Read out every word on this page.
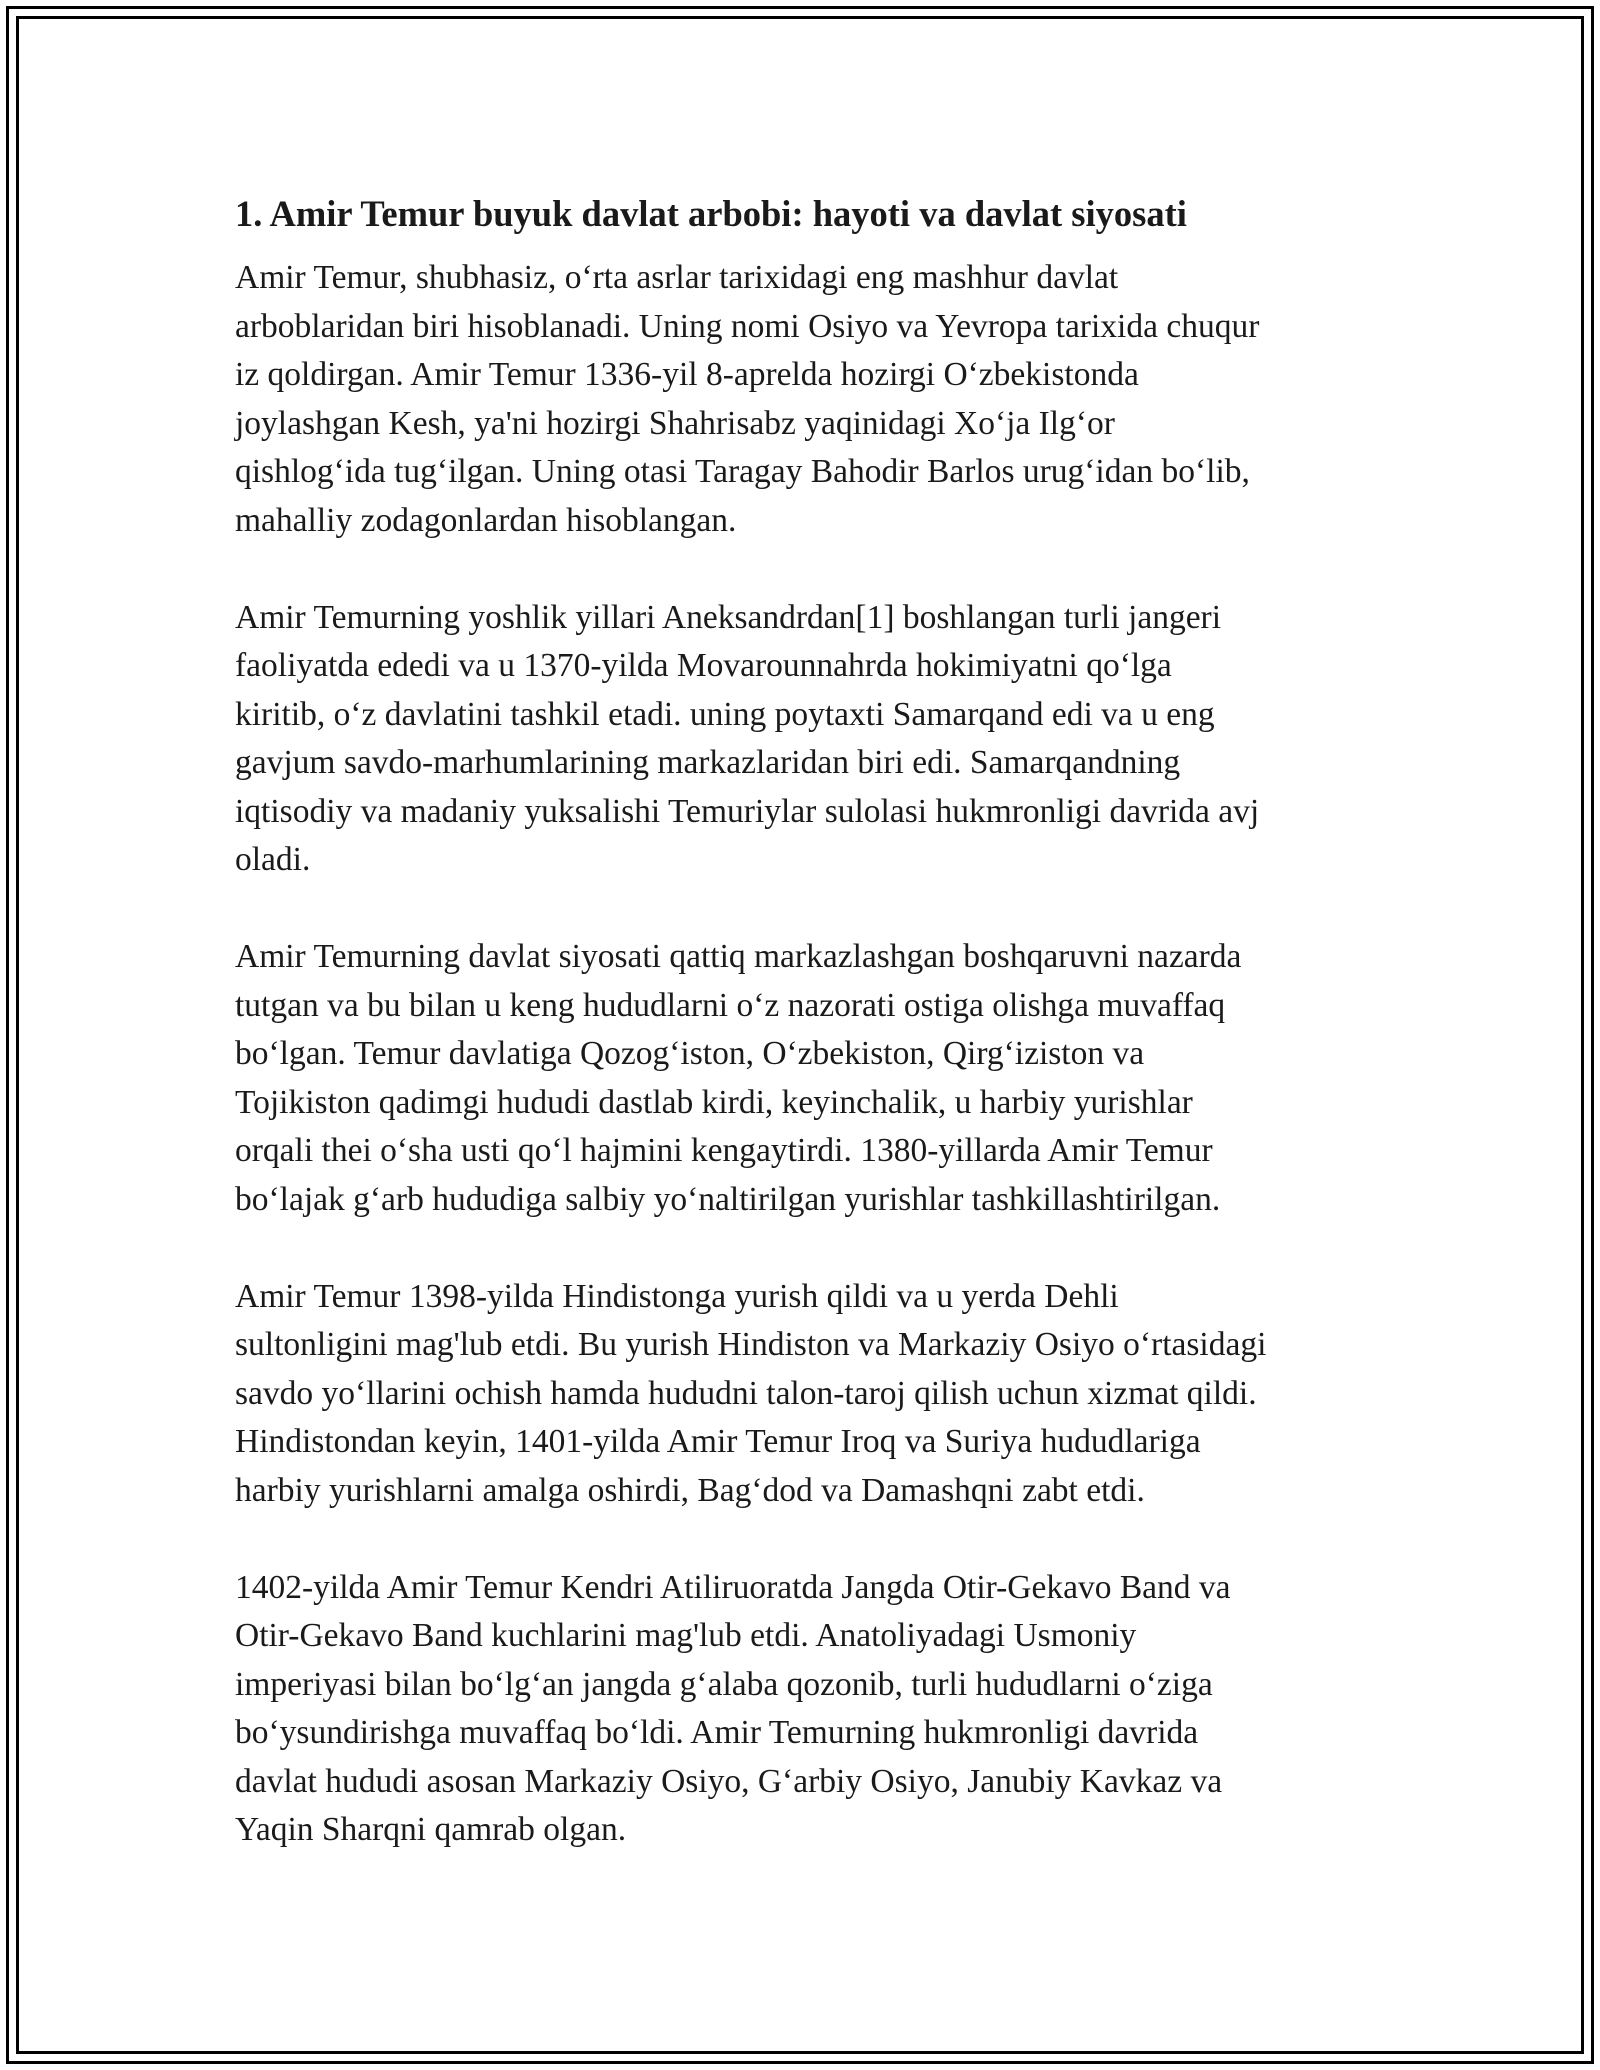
1. Amir Temur buyuk davlat arbobi: hayoti va davlat siyosati

Amir Temur, shubhasiz, oʻrta asrlar tarixidagi eng mashhur davlat
arboblaridan biri hisoblanadi. Uning nomi Osiyo va Yevropa tarixida chuqur
iz qoldirgan. Amir Temur 1336-yil 8-aprelda hozirgi Oʻzbekistonda
joylashgan Kesh, ya'ni hozirgi Shahrisabz yaqinidagi Xoʻja Ilgʻor
qishlogʻida tugʻilgan. Uning otasi Taragay Bahodir Barlos urugʻidan boʻlib,
mahalliy zodagonlardan hisoblangan.

Amir Temurning yoshlik yillari Aneksandrdan[1] boshlangan turli jangeri
faoliyatda ededi va u 1370-yilda Movarounnahrda hokimiyatni qoʻlga
kiritib, oʻz davlatini tashkil etadi. uning poytaxti Samarqand edi va u eng
gavjum savdo-marhumlarining markazlaridan biri edi. Samarqandning
iqtisodiy va madaniy yuksalishi Temuriylar sulolasi hukmronligi davrida avj
oladi.

Amir Temurning davlat siyosati qattiq markazlashgan boshqaruvni nazarda
tutgan va bu bilan u keng hududlarni oʻz nazorati ostiga olishga muvaffaq
boʻlgan. Temur davlatiga Qozogʻiston, Oʻzbekiston, Qirgʻiziston va
Tojikiston qadimgi hududi dastlab kirdi, keyinchalik, u harbiy yurishlar
orqali thei oʻsha usti qoʻl hajmini kengaytirdi. 1380-yillarda Amir Temur
boʻlajak gʻarb hududiga salbiy yoʻnaltirilgan yurishlar tashkillashtirilgan.

Amir Temur 1398-yilda Hindistonga yurish qildi va u yerda Dehli
sultonligini mag'lub etdi. Bu yurish Hindiston va Markaziy Osiyo oʻrtasidagi
savdo yoʻllarini ochish hamda hududni talon-taroj qilish uchun xizmat qildi.
Hindistondan keyin, 1401-yilda Amir Temur Iroq va Suriya hududlariga
harbiy yurishlarni amalga oshirdi, Bagʻdod va Damashqni zabt etdi.

1402-yilda Amir Temur Kendri Atiliruoratda Jangda Otir-Gekavo Band va
Otir-Gekavo Band kuchlarini mag'lub etdi. Anatoliyadagi Usmoniy
imperiyasi bilan boʻlgʻan jangda gʻalaba qozonib, turli hududlarni oʻziga
boʻysundirishga muvaffaq boʻldi. Amir Temurning hukmronligi davrida
davlat hududi asosan Markaziy Osiyo, Gʻarbiy Osiyo, Janubiy Kavkaz va
Yaqin Sharqni qamrab olgan.
